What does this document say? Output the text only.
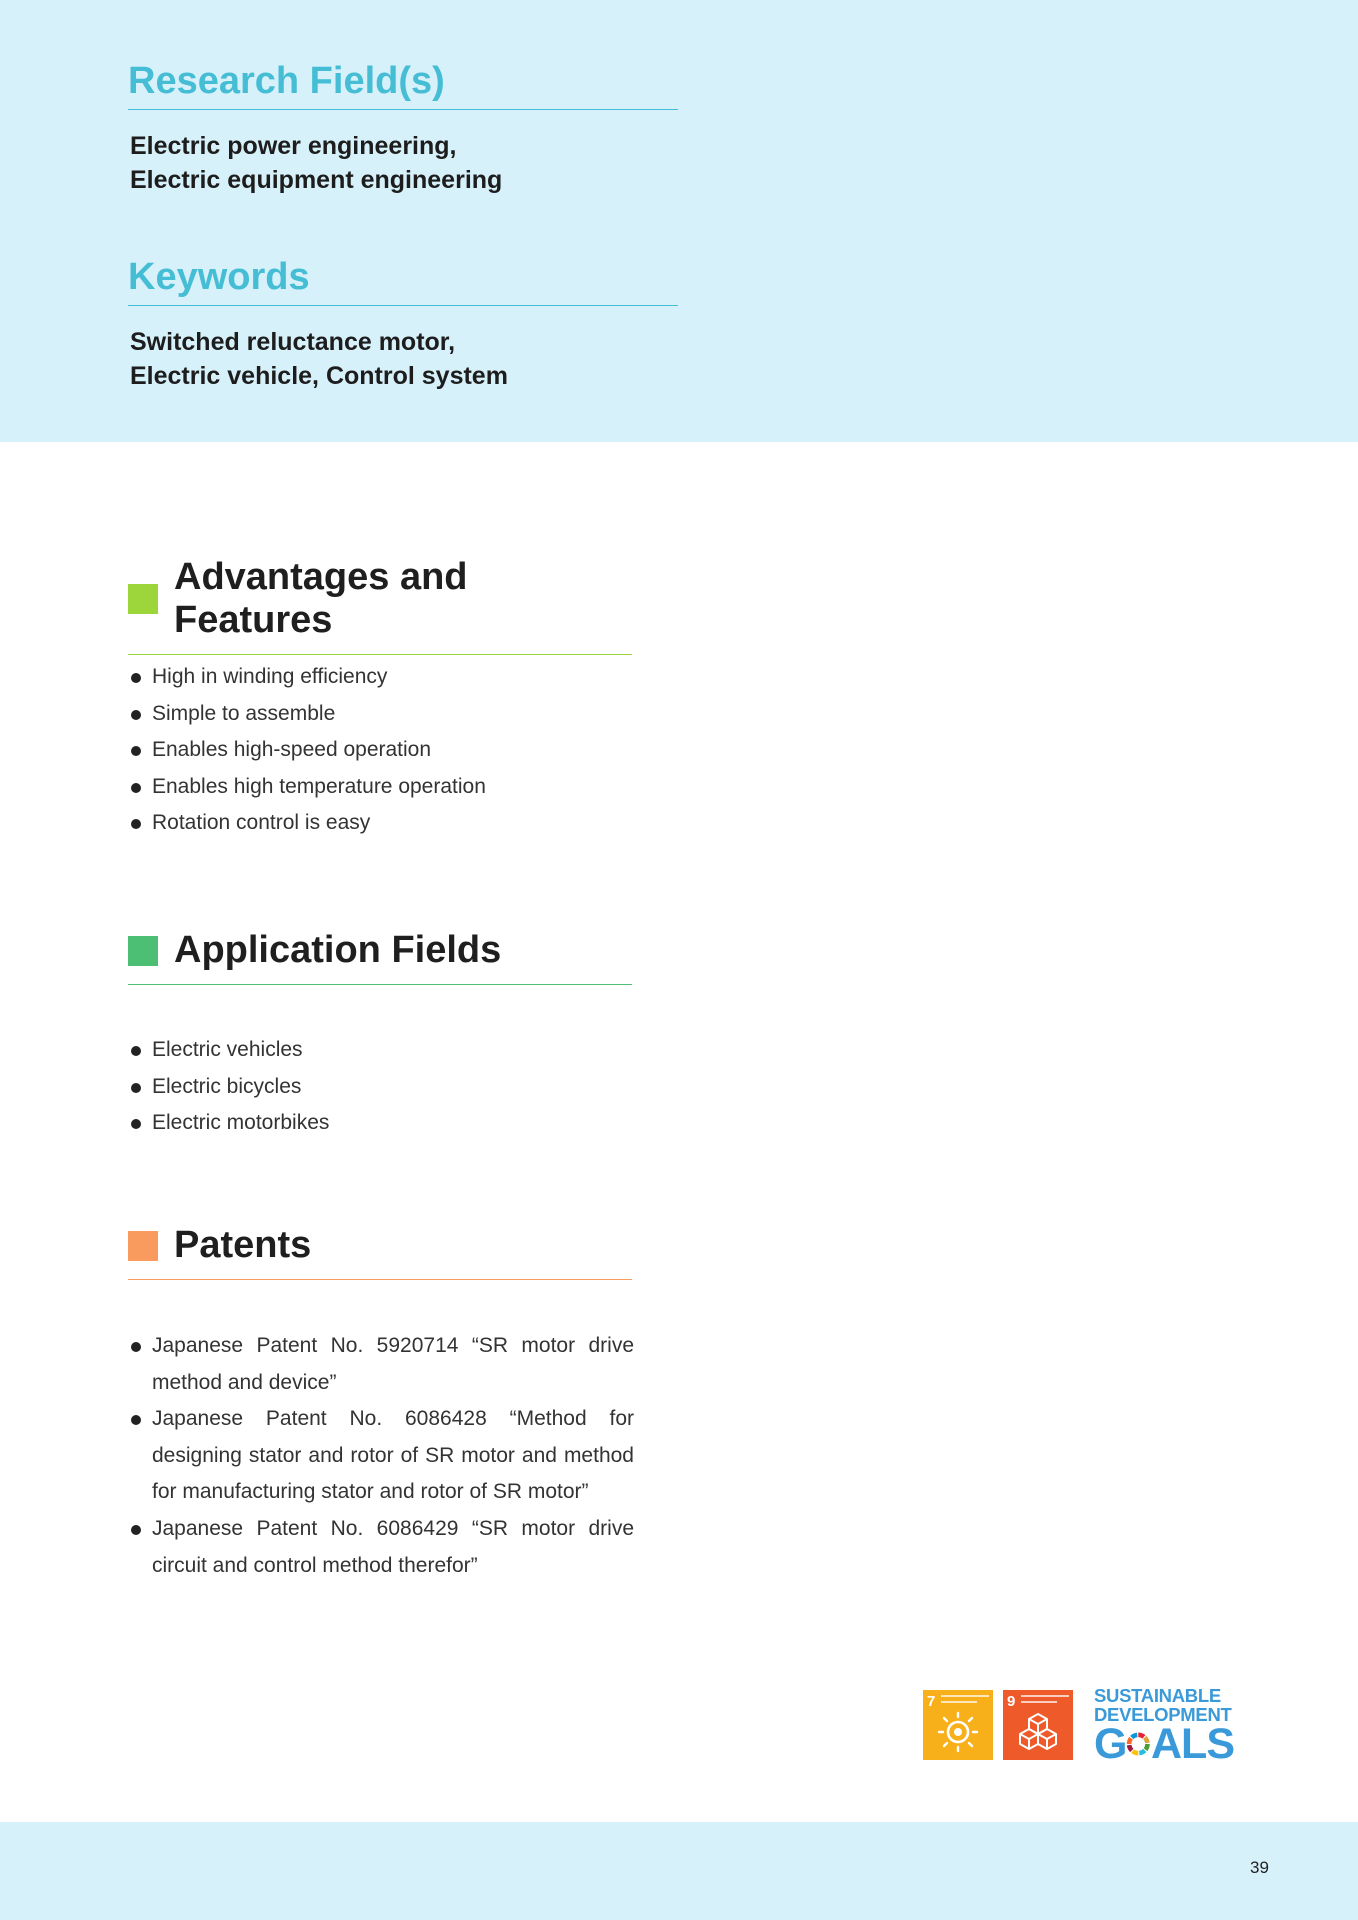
Research Field(s)

Electric power engineering,
Electric equipment engineering

Keywords

Switched reluctance motor,
Electric vehicle, Control system

Advantages and Features
High in winding efficiency
Simple to assemble
Enables high-speed operation
Enables high temperature operation
Rotation control is easy
Application Fields
Electric vehicles
Electric bicycles
Electric motorbikes
Patents
Japanese Patent No. 5920714 “SR motor drive method and device”
Japanese Patent No. 6086428 “Method for designing stator and rotor of SR motor and method for manufacturing stator and rotor of SR motor”
Japanese Patent No. 6086429 “SR motor drive circuit and control method therefor”
7	9	SUSTAINABLE
DEVELOPMENT
G ALS
39
